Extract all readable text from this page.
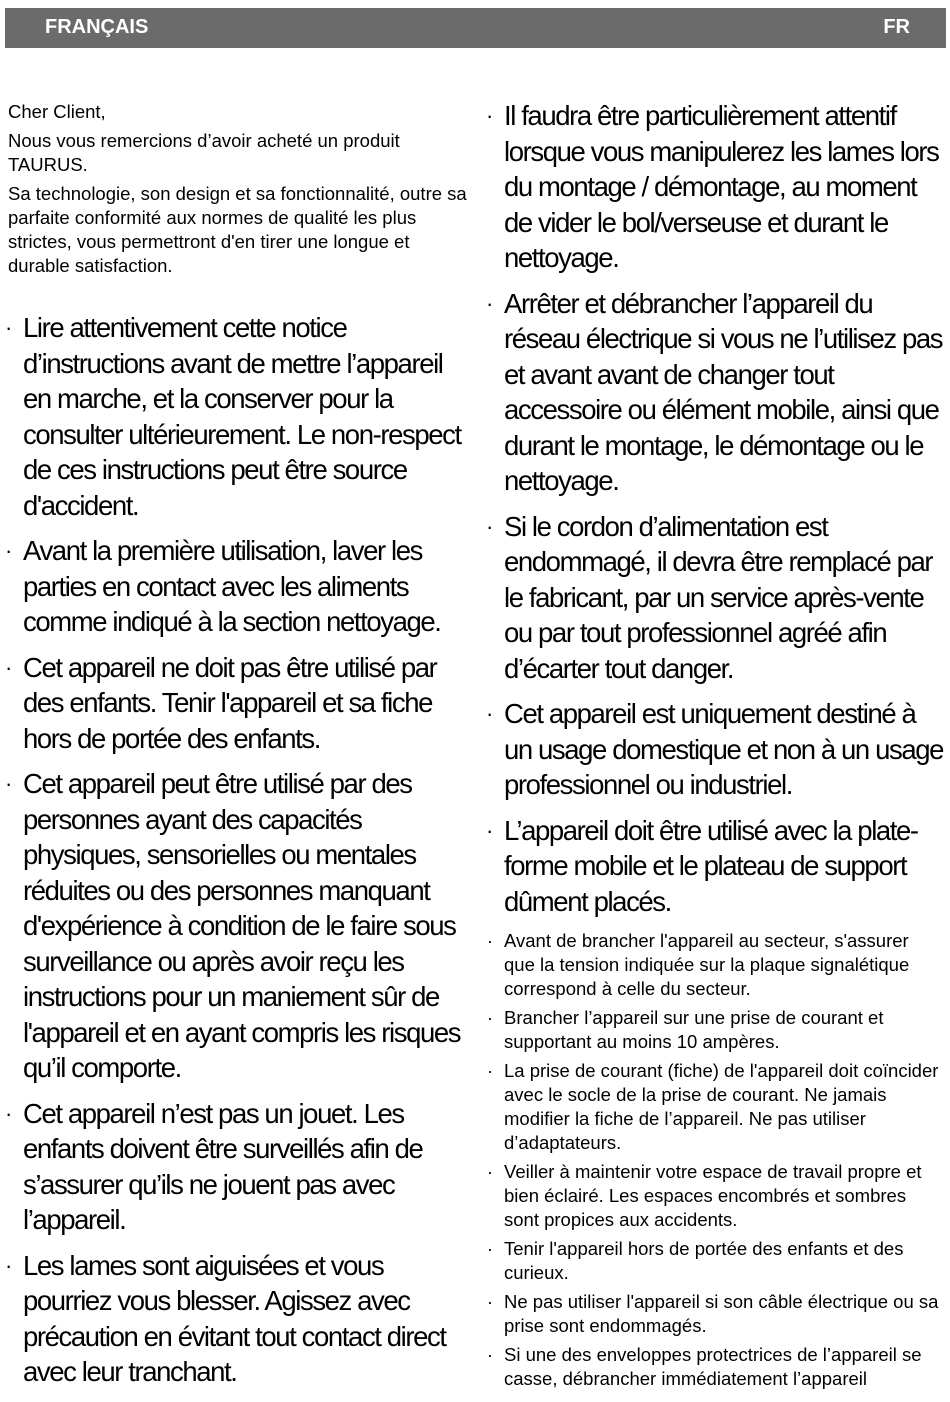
FRANÇAIS	FR

Cher Client,

Nous vous remercions d’avoir acheté un produit TAURUS.

Sa technologie, son design et sa fonctionnalité, outre sa parfaite conformité aux normes de qualité les plus strictes, vous permettront d'en tirer une longue et durable satisfaction.

· Lire attentivement cette notice d’instructions avant de mettre l’appareil en marche, et la conserver pour la consulter ultérieurement. Le non-respect de ces instructions peut être source d'accident.
· Avant la première utilisation, laver les parties en contact avec les aliments comme indiqué à la section nettoyage.
· Cet appareil ne doit pas être utilisé par des enfants. Tenir l'appareil et sa fiche hors de portée des enfants.
· Cet appareil peut être utilisé par des personnes ayant des capacités physiques, sensorielles ou mentales réduites ou des personnes manquant d'expérience à condition de le faire sous surveillance ou après avoir reçu les instructions pour un maniement sûr de l'appareil et en ayant compris les risques qu’il comporte.
· Cet appareil n’est pas un jouet. Les enfants doivent être surveillés afin de s’assurer qu’ils ne jouent pas avec l’appareil.
· Les lames sont aiguisées et vous pourriez vous blesser. Agissez avec précaution en évitant tout contact direct avec leur tranchant.
· Il faudra être particulièrement attentif lorsque vous manipulerez les lames lors du montage / démontage, au moment de vider le bol/verseuse et durant le nettoyage.
· Arrêter et débrancher l’appareil du réseau électrique si vous ne l’utilisez pas et avant avant de changer tout accessoire ou élément mobile, ainsi que durant le montage, le démontage ou le nettoyage.
· Si le cordon d’alimentation est endommagé, il devra être remplacé par le fabricant, par un service après-vente ou par tout professionnel agréé afin d’écarter tout danger.
· Cet appareil est uniquement destiné à un usage domestique et non à un usage professionnel ou industriel.
· L’appareil doit être utilisé avec la plate-forme mobile et le plateau de support dûment placés.
· Avant de brancher l'appareil au secteur, s'assurer que la tension indiquée sur la plaque signalétique correspond à celle du secteur.
· Brancher l’appareil sur une prise de courant et supportant au moins 10 ampères.
· La prise de courant (fiche) de l'appareil doit coïncider avec le socle de la prise de courant. Ne jamais modifier la fiche de l’appareil. Ne pas utiliser d’adaptateurs.
· Veiller à maintenir votre espace de travail propre et bien éclairé. Les espaces encombrés et sombres sont propices aux accidents.
· Tenir l'appareil hors de portée des enfants et des curieux.
· Ne pas utiliser l'appareil si son câble électrique ou sa prise sont endommagés.
· Si une des enveloppes protectrices de l’appareil se casse, débrancher immédiatement l’appareil
